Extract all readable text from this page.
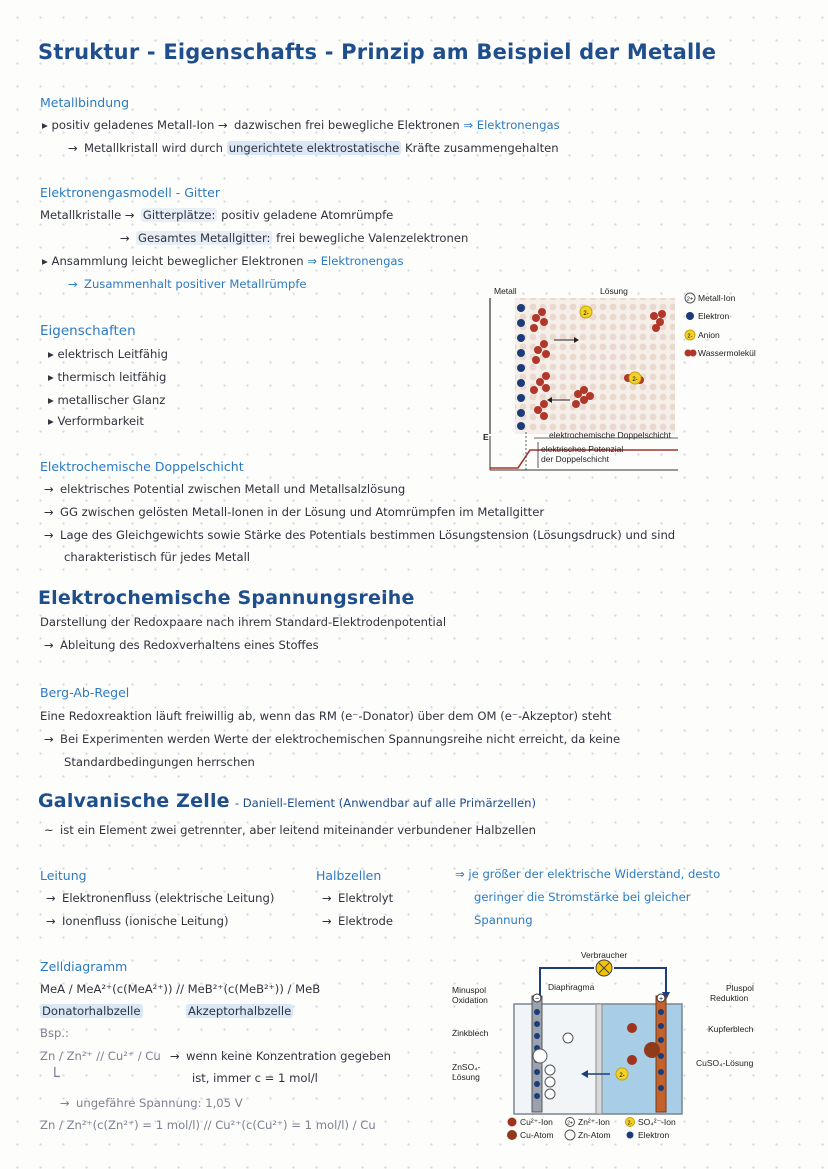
Struktur - Eigenschafts - Prinzip am Beispiel der Metalle
Metallbindung
▸ positiv geladenes Metall-Ion → dazwischen frei bewegliche Elektronen ⇒ Elektronengas
→ Metallkristall wird durch ungerichtete elektrostatische Kräfte zusammengehalten
Elektronengasmodell - Gitter
Metallkristalle → Gitterplätze: positiv geladene Atomrümpfe
→ Gesamtes Metallgitter: frei bewegliche Valenzelektronen
▸ Ansammlung leicht beweglicher Elektronen ⇒ Elektronengas
→ Zusammenhalt positiver Metallrümpfe
Eigenschaften
▸ elektrisch Leitfähig
▸ thermisch leitfähig
▸ metallischer Glanz
▸ Verformbarkeit
Metall	Lösung
2-
2-
E	elektrochemische Doppelschicht
elektrisches Potenzial
der Doppelschicht
2+ Metall-Ion
Elektron
2- Anion
Wassermolekül
Elektrochemische Doppelschicht
→ elektrisches Potential zwischen Metall und Metallsalzlösung
→ GG zwischen gelösten Metall-Ionen in der Lösung und Atomrümpfen im Metallgitter
→ Lage des Gleichgewichts sowie Stärke des Potentials bestimmen Lösungstension (Lösungsdruck) und sind
charakteristisch für jedes Metall
Elektrochemische Spannungsreihe
Darstellung der Redoxpaare nach ihrem Standard-Elektrodenpotential
→ Ableitung des Redoxverhaltens eines Stoffes
Berg-Ab-Regel
Eine Redoxreaktion läuft freiwillig ab, wenn das RM (e⁻-Donator) über dem OM (e⁻-Akzeptor) steht
→ Bei Experimenten werden Werte der elektrochemischen Spannungsreihe nicht erreicht, da keine
Standardbedingungen herrschen
Galvanische Zelle - Daniell-Element (Anwendbar auf alle Primärzellen)
~ ist ein Element zwei getrennter, aber leitend miteinander verbundener Halbzellen
Leitung
→ Elektronenfluss (elektrische Leitung)
→ Ionenfluss (ionische Leitung)
Halbzellen
→ Elektrolyt
→ Elektrode
⇒ je größer der elektrische Widerstand, desto
geringer die Stromstärke bei gleicher
Spannung
Zelldiagramm
MeA / MeA²⁺(c(MeA²⁺)) // MeB²⁺(c(MeB²⁺)) / MeB
Donatorhalbzelle	Akzeptorhalbzelle
Bsp.:
Zn / Zn²⁺ // Cu²⁺ / Cu → wenn keine Konzentration gegeben
ist, immer c = 1 mol/l
└
→ ungefähre Spannung: 1,05 V
Zn / Zn²⁺(c(Zn²⁺) = 1 mol/l) // Cu²⁺(c(Cu²⁺) = 1 mol/l) / Cu
Verbraucher
Minuspol
Oxidation
Diaphragma	Pluspol
Reduktion
−	+
2-
Zinkblech	Kupferblech
ZnSO₄-
Lösung
CuSO₄-Lösung
Cu²⁺-Ion	2+ Zn²⁺-Ion	2- SO₄²⁻-Ion
Cu-Atom	Zn-Atom	Elektron
